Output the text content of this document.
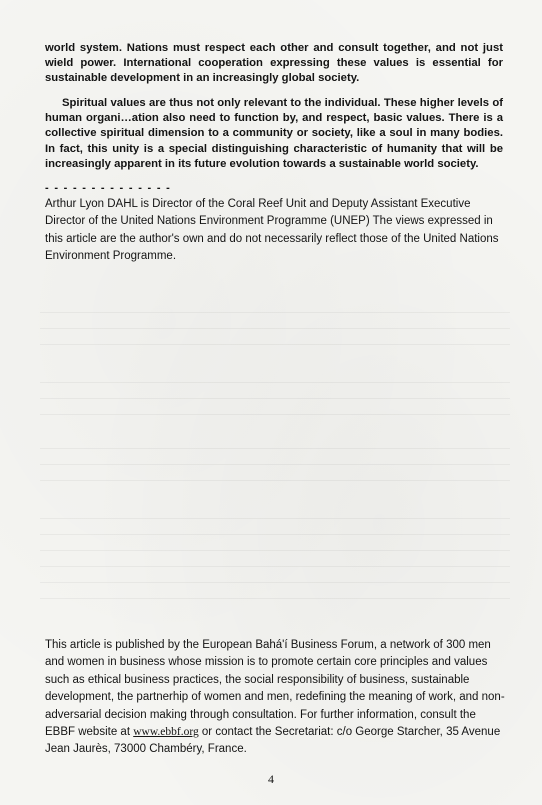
world system. Nations must respect each other and consult together, and not just wield power. International cooperation expressing these values is essential for sustainable development in an increasingly global society.

Spiritual values are thus not only relevant to the individual. These higher levels of human organi…ation also need to function by, and respect, basic values. There is a collective spiritual dimension to a community or society, like a soul in many bodies. In fact, this unity is a special distinguishing characteristic of humanity that will be increasingly apparent in its future evolution towards a sustainable world society.

- - - - - - - - - - - - - -

Arthur Lyon DAHL is Director of the Coral Reef Unit and Deputy Assistant Executive Director of the United Nations Environment Programme (UNEP) The views expressed in this article are the author's own and do not necessarily reflect those of the United Nations Environment Programme.

This article is published by the European Bahá'í Business Forum, a network of 300 men and women in business whose mission is to promote certain core principles and values such as ethical business practices, the social responsibility of business, sustainable development, the partnerhip of women and men, redefining the meaning of work, and non-adversarial decision making through consultation. For further information, consult the EBBF website at www.ebbf.org or contact the Secretariat: c/o George Starcher, 35 Avenue Jean Jaurès, 73000 Chambéry, France.

4
